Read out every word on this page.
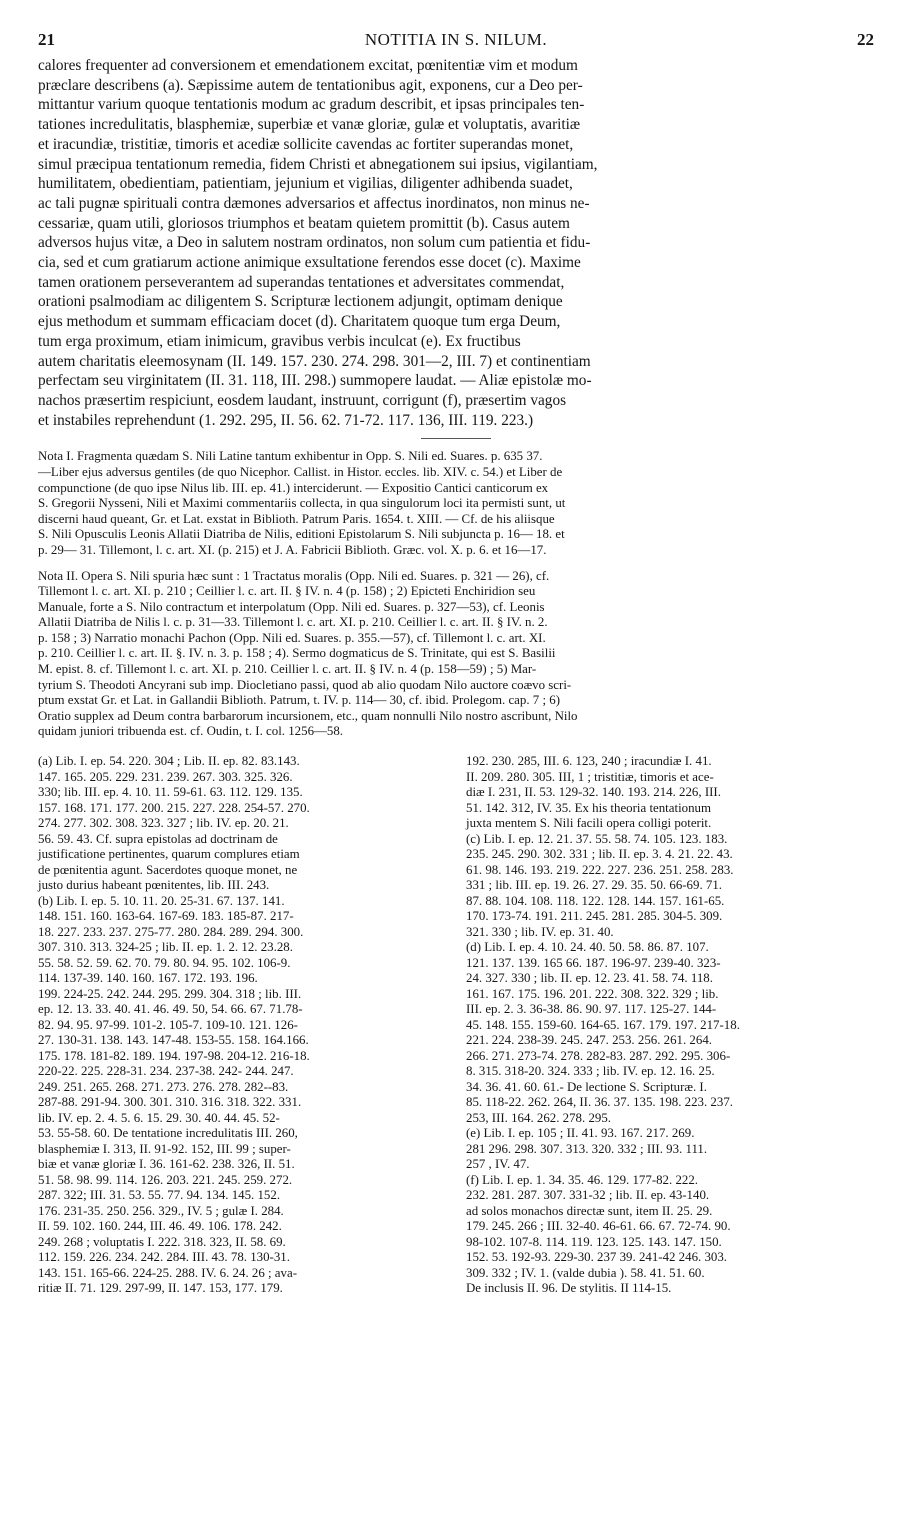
21	NOTITIA IN S. NILUM.	22
calores frequenter ad conversionem et emendationem excitat, pœnitentiæ vim et modum
præclare describens (a). Sæpissime autem de tentationibus agit, exponens, cur a Deo per-
mittantur varium quoque tentationis modum ac gradum describit, et ipsas principales ten-
tationes incredulitatis, blasphemiæ, superbiæ et vanæ gloriæ, gulæ et voluptatis, avaritiæ
et iracundiæ, tristitiæ, timoris et acediæ sollicite cavendas ac fortiter superandas monet,
simul præcipua tentationum remedia, fidem Christi et abnegationem sui ipsius, vigilantiam,
humilitatem, obedientiam, patientiam, jejunium et vigilias, diligenter adhibenda suadet,
ac tali pugnæ spirituali contra dæmones adversarios et affectus inordinatos, non minus ne-
cessariæ, quam utili, gloriosos triumphos et beatam quietem promittit (b). Casus autem
adversos hujus vitæ, a Deo in salutem nostram ordinatos, non solum cum patientia et fidu-
cia, sed et cum gratiarum actione animique exsultatione ferendos esse docet (c). Maxime
tamen orationem perseverantem ad superandas tentationes et adversitates commendat,
orationi psalmodiam ac diligentem S. Scripturæ lectionem adjungit, optimam denique
ejus methodum et summam efficaciam docet (d). Charitatem quoque tum erga Deum,
tum erga proximum, etiam inimicum, gravibus verbis inculcat (e). Ex fructibus
autem charitatis eleemosynam (II. 149. 157. 230. 274. 298. 301—2, III. 7) et continentiam
perfectam seu virginitatem (II. 31. 118, III. 298.) summopere laudat. — Aliæ epistolæ mo-
nachos præsertim respiciunt, eosdem laudant, instruunt, corrigunt (f), præsertim vagos
et instabiles reprehendunt (1. 292. 295, II. 56. 62. 71-72. 117. 136, III. 119. 223.)
Nota I. Fragmenta quædam S. Nili Latine tantum exhibentur in Opp. S. Nili ed. Suares. p. 635 37.
—Liber ejus adversus gentiles (de quo Nicephor. Callist. in Histor. eccles. lib. XIV. c. 54.) et Liber de
compunctione (de quo ipse Nilus lib. III. ep. 41.) interciderunt. — Expositio Cantici canticorum ex
S. Gregorii Nysseni, Nili et Maximi commentariis collecta, in qua singulorum loci ita permisti sunt, ut
discerni haud queant, Gr. et Lat. exstat in Biblioth. Patrum Paris. 1654. t. XIII. — Cf. de his aliisque
S. Nili Opusculis Leonis Allatii Diatriba de Nilis, editioni Epistolarum S. Nili subjuncta p. 16— 18. et
p. 29— 31. Tillemont, l. c. art. XI. (p. 215) et J. A. Fabricii Biblioth. Græc. vol. X. p. 6. et 16—17.
Nota II. Opera S. Nili spuria hæc sunt : 1 Tractatus moralis (Opp. Nili ed. Suares. p. 321 — 26), cf.
Tillemont l. c. art. XI. p. 210 ; Ceillier l. c. art. II. § IV. n. 4 (p. 158) ; 2) Epicteti Enchiridion seu
Manuale, forte a S. Nilo contractum et interpolatum (Opp. Nili ed. Suares. p. 327—53), cf. Leonis
Allatii Diatriba de Nilis l. c. p. 31—33. Tillemont l. c. art. XI. p. 210. Ceillier l. c. art. II. § IV. n. 2.
p. 158 ; 3) Narratio monachi Pachon (Opp. Nili ed. Suares. p. 355.—57), cf. Tillemont l. c. art. XI.
p. 210. Ceillier l. c. art. II. §. IV. n. 3. p. 158 ; 4). Sermo dogmaticus de S. Trinitate, qui est S. Basilii
M. epist. 8. cf. Tillemont l. c. art. XI. p. 210. Ceillier l. c. art. II. § IV. n. 4 (p. 158—59) ; 5) Mar-
tyrium S. Theodoti Ancyrani sub imp. Diocletiano passi, quod ab alio quodam Nilo auctore coævo scri-
ptum exstat Gr. et Lat. in Gallandii Biblioth. Patrum, t. IV. p. 114— 30, cf. ibid. Prolegom. cap. 7 ; 6)
Oratio supplex ad Deum contra barbarorum incursionem, etc., quam nonnulli Nilo nostro ascribunt, Nilo
quidam juniori tribuenda est. cf. Oudin, t. I. col. 1256—58.
(a) Lib. I. ep. 54. 220. 304 ; Lib. II. ep. 82. 83.143.
147. 165. 205. 229. 231. 239. 267. 303. 325. 326.
330; lib. III. ep. 4. 10. 11. 59-61. 63. 112. 129. 135.
157. 168. 171. 177. 200. 215. 227. 228. 254-57. 270.
274. 277. 302. 308. 323. 327 ; lib. IV. ep. 20. 21.
56. 59. 43. Cf. supra epistolas ad doctrinam de
justificatione pertinentes, quarum complures etiam
de pœnitentia agunt. Sacerdotes quoque monet, ne
justo durius habeant pœnitentes, lib. III. 243.
(b) Lib. I. ep. 5. 10. 11. 20. 25-31. 67. 137. 141.
148. 151. 160. 163-64. 167-69. 183. 185-87. 217-
18. 227. 233. 237. 275-77. 280. 284. 289. 294. 300.
307. 310. 313. 324-25 ; lib. II. ep. 1. 2. 12. 23.28.
55. 58. 52. 59. 62. 70. 79. 80. 94. 95. 102. 106-9.
114. 137-39. 140. 160. 167. 172. 193. 196.
199. 224-25. 242. 244. 295. 299. 304. 318 ; lib. III.
ep. 12. 13. 33. 40. 41. 46. 49. 50, 54. 66. 67. 71.78-
82. 94. 95. 97-99. 101-2. 105-7. 109-10. 121. 126-
27. 130-31. 138. 143. 147-48. 153-55. 158. 164.166.
175. 178. 181-82. 189. 194. 197-98. 204-12. 216-18.
220-22. 225. 228-31. 234. 237-38. 242- 244. 247.
249. 251. 265. 268. 271. 273. 276. 278. 282--83.
287-88. 291-94. 300. 301. 310. 316. 318. 322. 331.
lib. IV. ep. 2. 4. 5. 6. 15. 29. 30. 40. 44. 45. 52-
53. 55-58. 60. De tentatione incredulitatis III. 260,
blasphemiæ I. 313, II. 91-92. 152, III. 99 ; super-
biæ et vanæ gloriæ I. 36. 161-62. 238. 326, II. 51.
51. 58. 98. 99. 114. 126. 203. 221. 245. 259. 272.
287. 322; III. 31. 53. 55. 77. 94. 134. 145. 152.
176. 231-35. 250. 256. 329., IV. 5 ; gulæ I. 284.
II. 59. 102. 160. 244, III. 46. 49. 106. 178. 242.
249. 268 ; voluptatis I. 222. 318. 323, II. 58. 69.
112. 159. 226. 234. 242. 284. III. 43. 78. 130-31.
143. 151. 165-66. 224-25. 288. IV. 6. 24. 26 ; ava-
ritiæ II. 71. 129. 297-99, II. 147. 153, 177. 179.
192. 230. 285, III. 6. 123, 240 ; iracundiæ I. 41.
II. 209. 280. 305. III, 1 ; tristitiæ, timoris et ace-
diæ I. 231, II. 53. 129-32. 140. 193. 214. 226, III.
51. 142. 312, IV. 35. Ex his theoria tentationum
juxta mentem S. Nili facili opera colligi poterit.
(c) Lib. I. ep. 12. 21. 37. 55. 58. 74. 105. 123. 183.
235. 245. 290. 302. 331 ; lib. II. ep. 3. 4. 21. 22. 43.
61. 98. 146. 193. 219. 222. 227. 236. 251. 258. 283.
331 ; lib. III. ep. 19. 26. 27. 29. 35. 50. 66-69. 71.
87. 88. 104. 108. 118. 122. 128. 144. 157. 161-65.
170. 173-74. 191. 211. 245. 281. 285. 304-5. 309.
321. 330 ; lib. IV. ep. 31. 40.
(d) Lib. I. ep. 4. 10. 24. 40. 50. 58. 86. 87. 107.
121. 137. 139. 165 66. 187. 196-97. 239-40. 323-
24. 327. 330 ; lib. II. ep. 12. 23. 41. 58. 74. 118.
161. 167. 175. 196. 201. 222. 308. 322. 329 ; lib.
III. ep. 2. 3. 36-38. 86. 90. 97. 117. 125-27. 144-
45. 148. 155. 159-60. 164-65. 167. 179. 197. 217-18.
221. 224. 238-39. 245. 247. 253. 256. 261. 264.
266. 271. 273-74. 278. 282-83. 287. 292. 295. 306-
8. 315. 318-20. 324. 333 ; lib. IV. ep. 12. 16. 25.
34. 36. 41. 60. 61.- De lectione S. Scripturæ. I.
85. 118-22. 262. 264, II. 36. 37. 135. 198. 223. 237.
253, III. 164. 262. 278. 295.
(e) Lib. I. ep. 105 ; II. 41. 93. 167. 217. 269.
281 296. 298. 307. 313. 320. 332 ; III. 93. 111.
257 , IV. 47.
(f) Lib. I. ep. 1. 34. 35. 46. 129. 177-82. 222.
232. 281. 287. 307. 331-32 ; lib. II. ep. 43-140.
ad solos monachos directæ sunt, item II. 25. 29.
179. 245. 266 ; III. 32-40. 46-61. 66. 67. 72-74. 90.
98-102. 107-8. 114. 119. 123. 125. 143. 147. 150.
152. 53. 192-93. 229-30. 237 39. 241-42 246. 303.
309. 332 ; IV. 1. (valde dubia ). 58. 41. 51. 60.
De inclusis II. 96. De stylitis. II 114-15.
